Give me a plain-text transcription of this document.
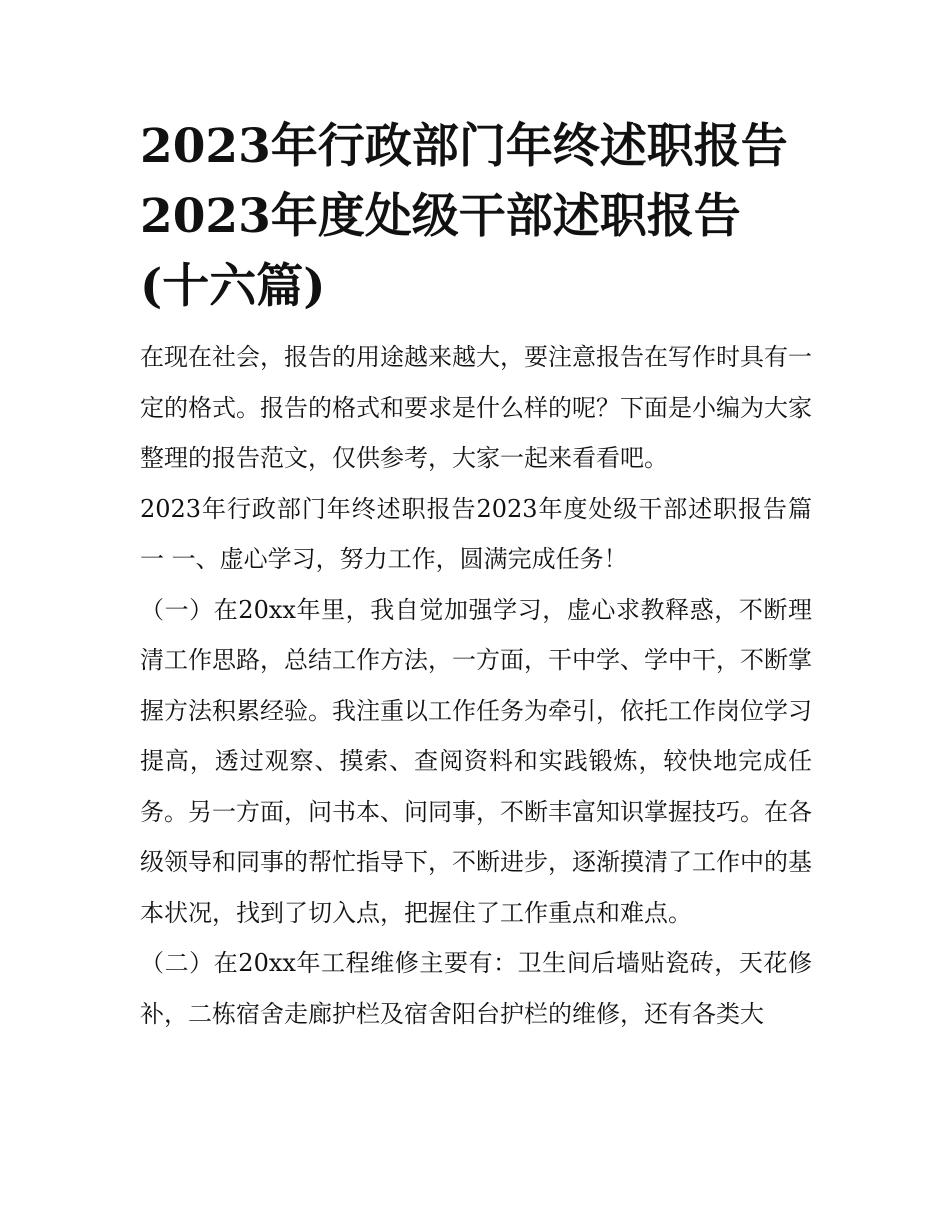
2023年行政部门年终述职报告
2023年度处级干部述职报告
(十六篇)

在现在社会，报告的用途越来越大，要注意报告在写作时具有一定的格式。报告的格式和要求是什么样的呢？下面是小编为大家整理的报告范文，仅供参考，大家一起来看看吧。

2023年行政部门年终述职报告2023年度处级干部述职报告篇一 一、虚心学习，努力工作，圆满完成任务！

（一）在20xx年里，我自觉加强学习，虚心求教释惑，不断理清工作思路，总结工作方法，一方面，干中学、学中干，不断掌握方法积累经验。我注重以工作任务为牵引，依托工作岗位学习提高，透过观察、摸索、查阅资料和实践锻炼，较快地完成任务。另一方面，问书本、问同事，不断丰富知识掌握技巧。在各级领导和同事的帮忙指导下，不断进步，逐渐摸清了工作中的基本状况，找到了切入点，把握住了工作重点和难点。

（二）在20xx年工程维修主要有：卫生间后墙贴瓷砖，天花修补，二栋宿舍走廊护栏及宿舍阳台护栏的维修，还有各类大
